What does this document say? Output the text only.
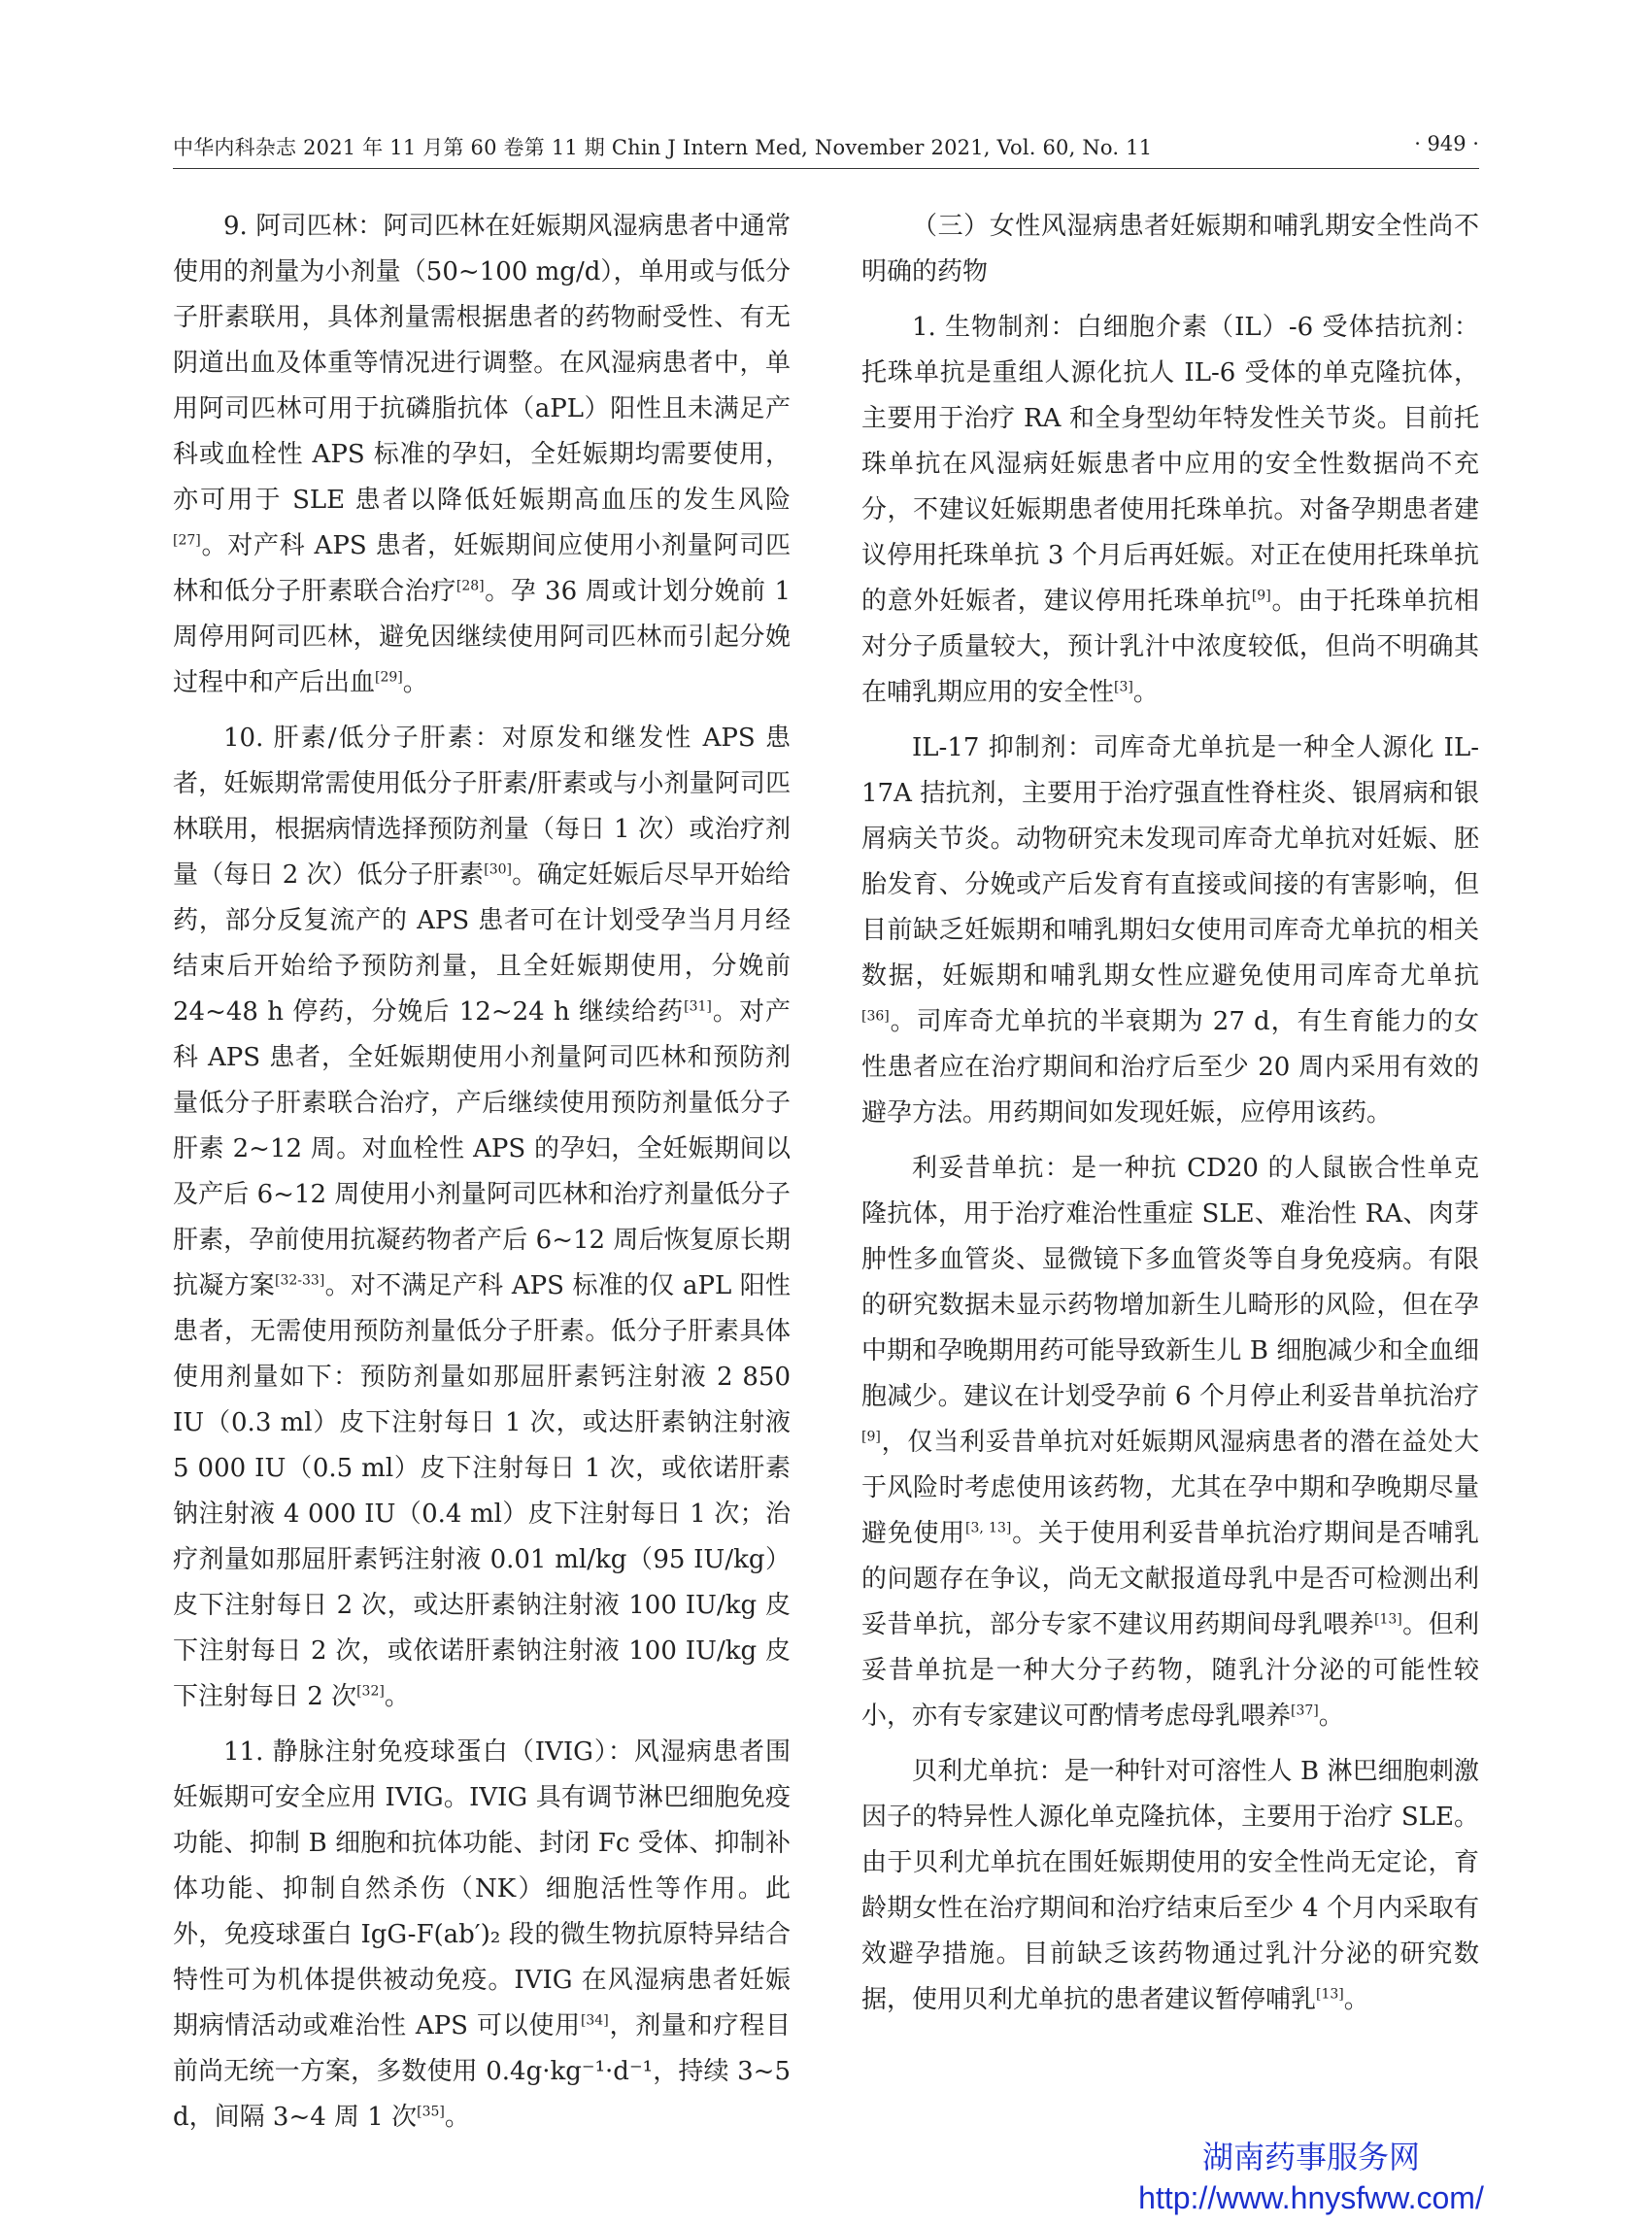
中华内科杂志 2021 年 11 月第 60 卷第 11 期 Chin J Intern Med, November 2021, Vol. 60, No. 11	· 949 ·

9. 阿司匹林：阿司匹林在妊娠期风湿病患者中通常使用的剂量为小剂量（50~100 mg/d），单用或与低分子肝素联用，具体剂量需根据患者的药物耐受性、有无阴道出血及体重等情况进行调整。在风湿病患者中，单用阿司匹林可用于抗磷脂抗体（aPL）阳性且未满足产科或血栓性 APS 标准的孕妇，全妊娠期均需要使用，亦可用于 SLE 患者以降低妊娠期高血压的发生风险[27]。对产科 APS 患者，妊娠期间应使用小剂量阿司匹林和低分子肝素联合治疗[28]。孕 36 周或计划分娩前 1 周停用阿司匹林，避免因继续使用阿司匹林而引起分娩过程中和产后出血[29]。

10. 肝素/低分子肝素：对原发和继发性 APS 患者，妊娠期常需使用低分子肝素/肝素或与小剂量阿司匹林联用，根据病情选择预防剂量（每日 1 次）或治疗剂量（每日 2 次）低分子肝素[30]。确定妊娠后尽早开始给药，部分反复流产的 APS 患者可在计划受孕当月月经结束后开始给予预防剂量，且全妊娠期使用，分娩前 24~48 h 停药，分娩后 12~24 h 继续给药[31]。对产科 APS 患者，全妊娠期使用小剂量阿司匹林和预防剂量低分子肝素联合治疗，产后继续使用预防剂量低分子肝素 2~12 周。对血栓性 APS 的孕妇，全妊娠期间以及产后 6~12 周使用小剂量阿司匹林和治疗剂量低分子肝素，孕前使用抗凝药物者产后 6~12 周后恢复原长期抗凝方案[32-33]。对不满足产科 APS 标准的仅 aPL 阳性患者，无需使用预防剂量低分子肝素。低分子肝素具体使用剂量如下：预防剂量如那屈肝素钙注射液 2 850 IU（0.3 ml）皮下注射每日 1 次，或达肝素钠注射液 5 000 IU（0.5 ml）皮下注射每日 1 次，或依诺肝素钠注射液 4 000 IU（0.4 ml）皮下注射每日 1 次；治疗剂量如那屈肝素钙注射液 0.01 ml/kg（95 IU/kg）皮下注射每日 2 次，或达肝素钠注射液 100 IU/kg 皮下注射每日 2 次，或依诺肝素钠注射液 100 IU/kg 皮下注射每日 2 次[32]。

11. 静脉注射免疫球蛋白（IVIG）：风湿病患者围妊娠期可安全应用 IVIG。IVIG 具有调节淋巴细胞免疫功能、抑制 B 细胞和抗体功能、封闭 Fc 受体、抑制补体功能、抑制自然杀伤（NK）细胞活性等作用。此外，免疫球蛋白 IgG-F(ab′)₂ 段的微生物抗原特异结合特性可为机体提供被动免疫。IVIG 在风湿病患者妊娠期病情活动或难治性 APS 可以使用[34]，剂量和疗程目前尚无统一方案，多数使用 0.4g·kg⁻¹·d⁻¹，持续 3~5 d，间隔 3~4 周 1 次[35]。

（三）女性风湿病患者妊娠期和哺乳期安全性尚不明确的药物

1. 生物制剂：白细胞介素（IL）-6 受体拮抗剂：托珠单抗是重组人源化抗人 IL-6 受体的单克隆抗体，主要用于治疗 RA 和全身型幼年特发性关节炎。目前托珠单抗在风湿病妊娠患者中应用的安全性数据尚不充分，不建议妊娠期患者使用托珠单抗。对备孕期患者建议停用托珠单抗 3 个月后再妊娠。对正在使用托珠单抗的意外妊娠者，建议停用托珠单抗[9]。由于托珠单抗相对分子质量较大，预计乳汁中浓度较低，但尚不明确其在哺乳期应用的安全性[3]。

IL-17 抑制剂：司库奇尤单抗是一种全人源化 IL-17A 拮抗剂，主要用于治疗强直性脊柱炎、银屑病和银屑病关节炎。动物研究未发现司库奇尤单抗对妊娠、胚胎发育、分娩或产后发育有直接或间接的有害影响，但目前缺乏妊娠期和哺乳期妇女使用司库奇尤单抗的相关数据，妊娠期和哺乳期女性应避免使用司库奇尤单抗[36]。司库奇尤单抗的半衰期为 27 d，有生育能力的女性患者应在治疗期间和治疗后至少 20 周内采用有效的避孕方法。用药期间如发现妊娠，应停用该药。

利妥昔单抗：是一种抗 CD20 的人鼠嵌合性单克隆抗体，用于治疗难治性重症 SLE、难治性 RA、肉芽肿性多血管炎、显微镜下多血管炎等自身免疫病。有限的研究数据未显示药物增加新生儿畸形的风险，但在孕中期和孕晚期用药可能导致新生儿 B 细胞减少和全血细胞减少。建议在计划受孕前 6 个月停止利妥昔单抗治疗[9]，仅当利妥昔单抗对妊娠期风湿病患者的潜在益处大于风险时考虑使用该药物，尤其在孕中期和孕晚期尽量避免使用[3, 13]。关于使用利妥昔单抗治疗期间是否哺乳的问题存在争议，尚无文献报道母乳中是否可检测出利妥昔单抗，部分专家不建议用药期间母乳喂养[13]。但利妥昔单抗是一种大分子药物，随乳汁分泌的可能性较小，亦有专家建议可酌情考虑母乳喂养[37]。

贝利尤单抗：是一种针对可溶性人 B 淋巴细胞刺激因子的特异性人源化单克隆抗体，主要用于治疗 SLE。由于贝利尤单抗在围妊娠期使用的安全性尚无定论，育龄期女性在治疗期间和治疗结束后至少 4 个月内采取有效避孕措施。目前缺乏该药物通过乳汁分泌的研究数据，使用贝利尤单抗的患者建议暂停哺乳[13]。

湖南药事服务网
http://www.hnysfww.com/
